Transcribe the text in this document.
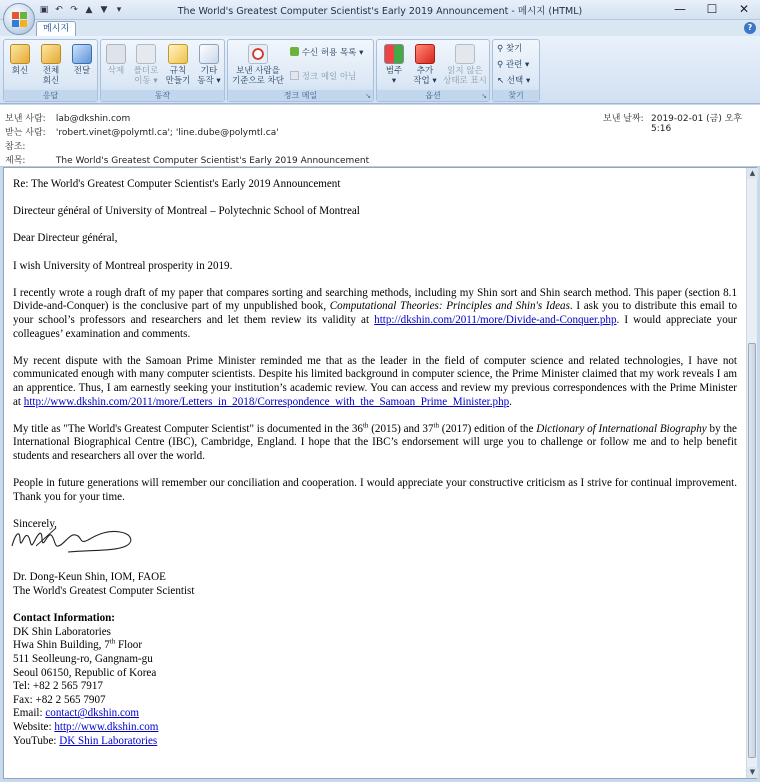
▣ ↶ ↷ ▲ ▼	▾	The World's Greatest Computer Scientist's Early 2019 Announcement - 메시지 (HTML)	—	☐	✕
메시지	?
회신	전체
회신
전달
응답
삭제	폴더로
이동 ▾
규칙
만들기
기타
동작 ▾
동작
보낸 사람을
기준으로 차단
수신 허용 목록 ▾
정크 메일 아님
정크 메일	↘
범주
▾
추가
작업 ▾
읽지 않은
상태로 표시
옵션	↘
⚲ 찾기
⚲ 관련 ▾
↖ 선택 ▾
찾기
보낸 사람: lab@dkshin.com	보낸 날짜: 2019-02-01 (금) 오후 5:16
받는 사람: 'robert.vinet@polymtl.ca'; 'line.dube@polymtl.ca'
참조:
제목:	The World's Greatest Computer Scientist's Early 2019 Announcement

Re: The World's Greatest Computer Scientist's Early 2019 Announcement

Directeur général of University of Montreal – Polytechnic School of Montreal

Dear Directeur général,

I wish University of Montreal prosperity in 2019.

I recently wrote a rough draft of my paper that compares sorting and searching methods, including my Shin sort and Shin search method. This paper (section 8.1 Divide-and-Conquer) is the conclusive part of my unpublished book, Computational Theories: Principles and Shin's Ideas. I ask you to distribute this email to your school’s professors and researchers and let them review its validity at http://dkshin.com/2011/more/Divide-and-Conquer.php. I would appreciate your colleagues’ examination and comments.

My recent dispute with the Samoan Prime Minister reminded me that as the leader in the field of computer science and related technologies, I have not communicated enough with many computer scientists. Despite his limited background in computer science, the Prime Minister claimed that my work reveals I am an apprentice. Thus, I am earnestly seeking your institution’s academic review. You can access and review my previous correspondences with the Prime Minister at http://www.dkshin.com/2011/more/Letters_in_2018/Correspondence_with_the_Samoan_Prime_Minister.php.

My title as "The World's Greatest Computer Scientist" is documented in the 36th (2015) and 37th (2017) edition of the Dictionary of International Biography by the International Biographical Centre (IBC), Cambridge, England. I hope that the IBC’s endorsement will urge you to challenge or follow me and to help benefit students and researchers all over the world.

People in future generations will remember our conciliation and cooperation. I would appreciate your constructive criticism as I strive for continual improvement. Thank you for your time.

Sincerely,

Dr. Dong-Keun Shin, IOM, FAOE
The World's Greatest Computer Scientist
Contact Information:
DK Shin Laboratories
Hwa Shin Building, 7th Floor
511 Seolleung-ro, Gangnam-gu
Seoul 06150, Republic of Korea
Tel: +82 2 565 7917
Fax: +82 2 565 7907
Email: contact@dkshin.com
Website: http://www.dkshin.com
YouTube: DK Shin Laboratories
▲
▼
